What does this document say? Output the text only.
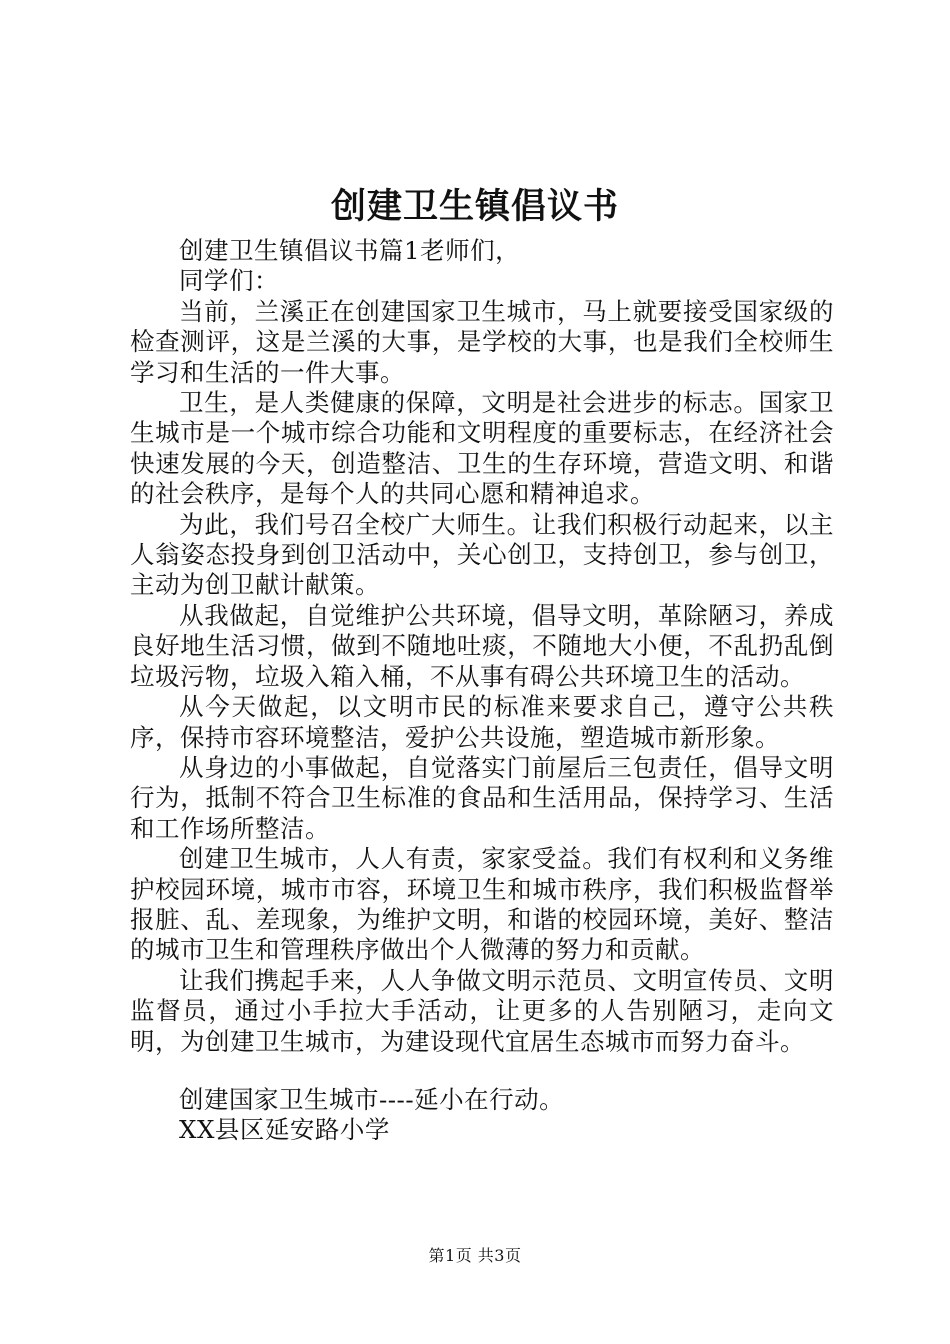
创建卫生镇倡议书

创建卫生镇倡议书篇1老师们，

同学们：

当前，兰溪正在创建国家卫生城市，马上就要接受国家级的检查测评，这是兰溪的大事，是学校的大事，也是我们全校师生学习和生活的一件大事。

卫生，是人类健康的保障，文明是社会进步的标志。国家卫生城市是一个城市综合功能和文明程度的重要标志，在经济社会快速发展的今天，创造整洁、卫生的生存环境，营造文明、和谐的社会秩序，是每个人的共同心愿和精神追求。

为此，我们号召全校广大师生。让我们积极行动起来，以主人翁姿态投身到创卫活动中，关心创卫，支持创卫，参与创卫，主动为创卫献计献策。

从我做起，自觉维护公共环境，倡导文明，革除陋习，养成良好地生活习惯，做到不随地吐痰，不随地大小便，不乱扔乱倒垃圾污物，垃圾入箱入桶，不从事有碍公共环境卫生的活动。

从今天做起，以文明市民的标准来要求自己，遵守公共秩序，保持市容环境整洁，爱护公共设施，塑造城市新形象。

从身边的小事做起，自觉落实门前屋后三包责任，倡导文明行为，抵制不符合卫生标准的食品和生活用品，保持学习、生活和工作场所整洁。

创建卫生城市，人人有责，家家受益。我们有权利和义务维护校园环境，城市市容，环境卫生和城市秩序，我们积极监督举报脏、乱、差现象，为维护文明，和谐的校园环境，美好、整洁的城市卫生和管理秩序做出个人微薄的努力和贡献。

让我们携起手来，人人争做文明示范员、文明宣传员、文明监督员，通过小手拉大手活动，让更多的人告别陋习，走向文明，为创建卫生城市，为建设现代宜居生态城市而努力奋斗。

创建国家卫生城市----延小在行动。

XX县区延安路小学

第1页 共3页
